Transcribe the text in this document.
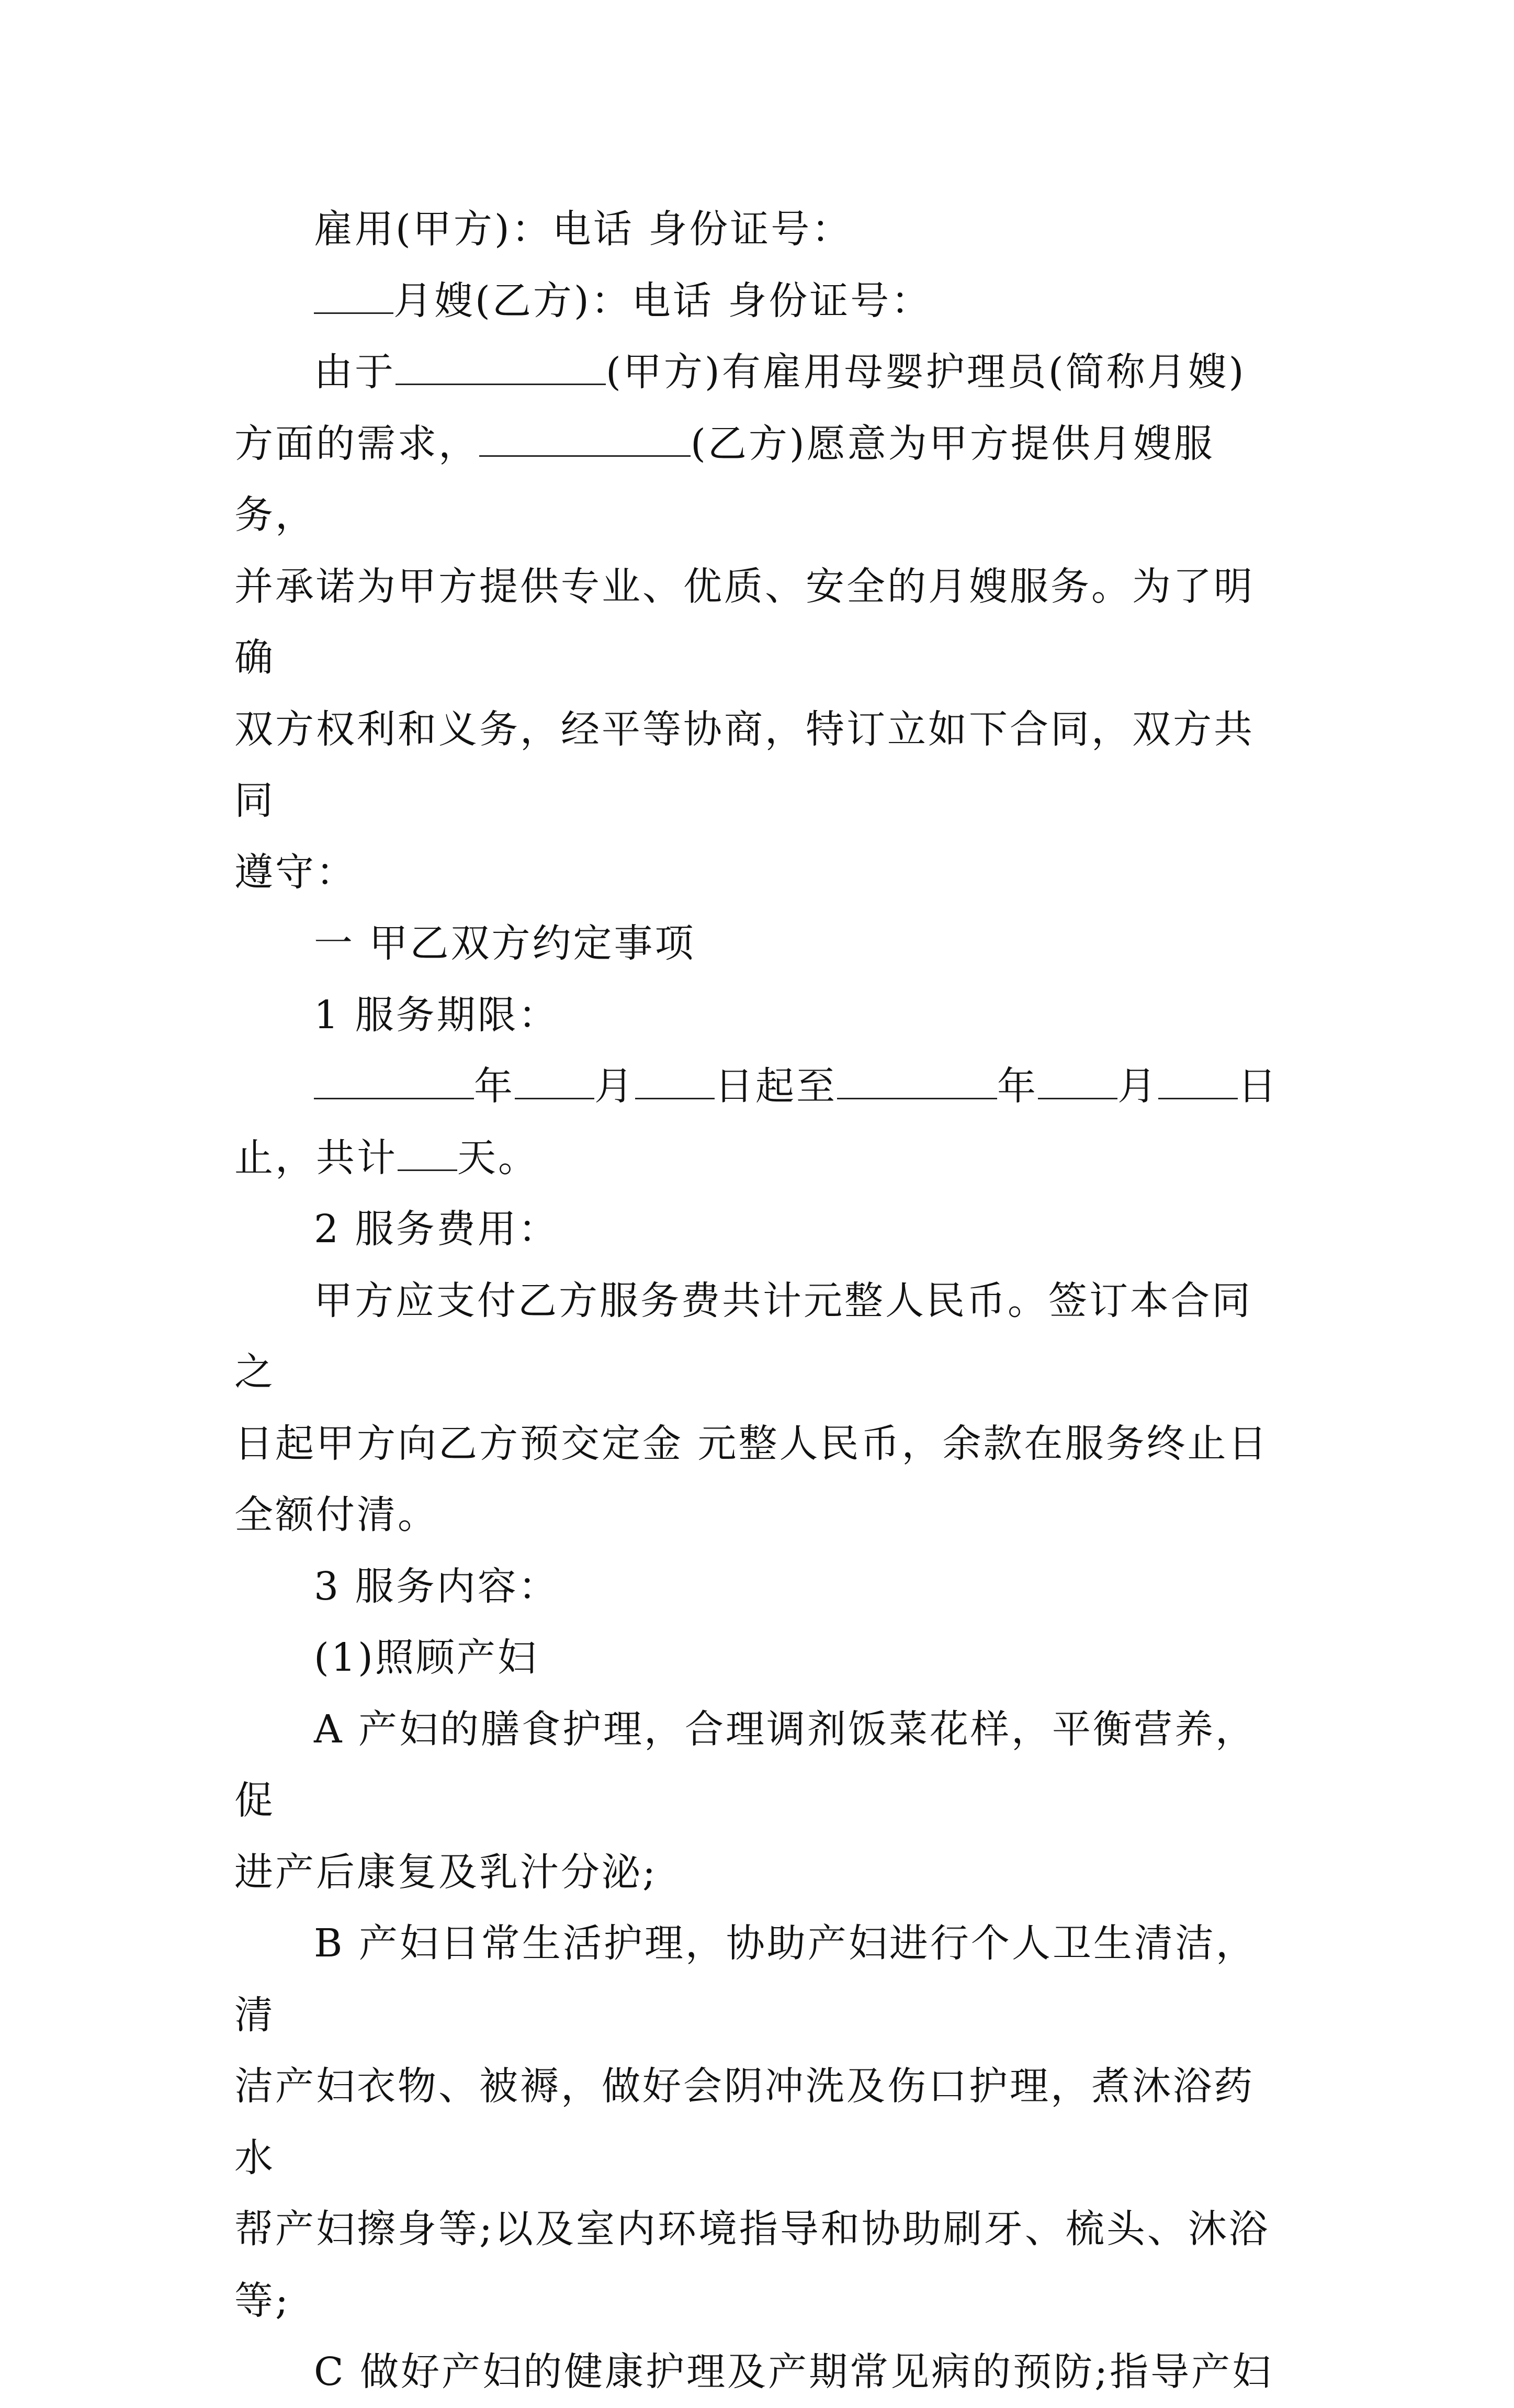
雇用(甲方)：电话 身份证号：

月嫂(乙方)：电话 身份证号：

由于	(甲方)有雇用母婴护理员(简称月嫂)

方面的需求，	(乙方)愿意为甲方提供月嫂服务，

并承诺为甲方提供专业、优质、安全的月嫂服务。为了明确

双方权利和义务，经平等协商，特订立如下合同，双方共同

遵守：

一 甲乙双方约定事项

1 服务期限：

年 月 日起至	年 月 日

止，共计 天。

2 服务费用：

甲方应支付乙方服务费共计元整人民币。签订本合同之

日起甲方向乙方预交定金 元整人民币，余款在服务终止日

全额付清。

3 服务内容：

(1)照顾产妇

A 产妇的膳食护理，合理调剂饭菜花样，平衡营养，促

进产后康复及乳汁分泌;

B 产妇日常生活护理，协助产妇进行个人卫生清洁，清

洁产妇衣物、被褥，做好会阴冲洗及伤口护理，煮沐浴药水

帮产妇擦身等;以及室内环境指导和协助刷牙、梳头、沐浴

等;

C 做好产妇的健康护理及产期常见病的预防;指导产妇
